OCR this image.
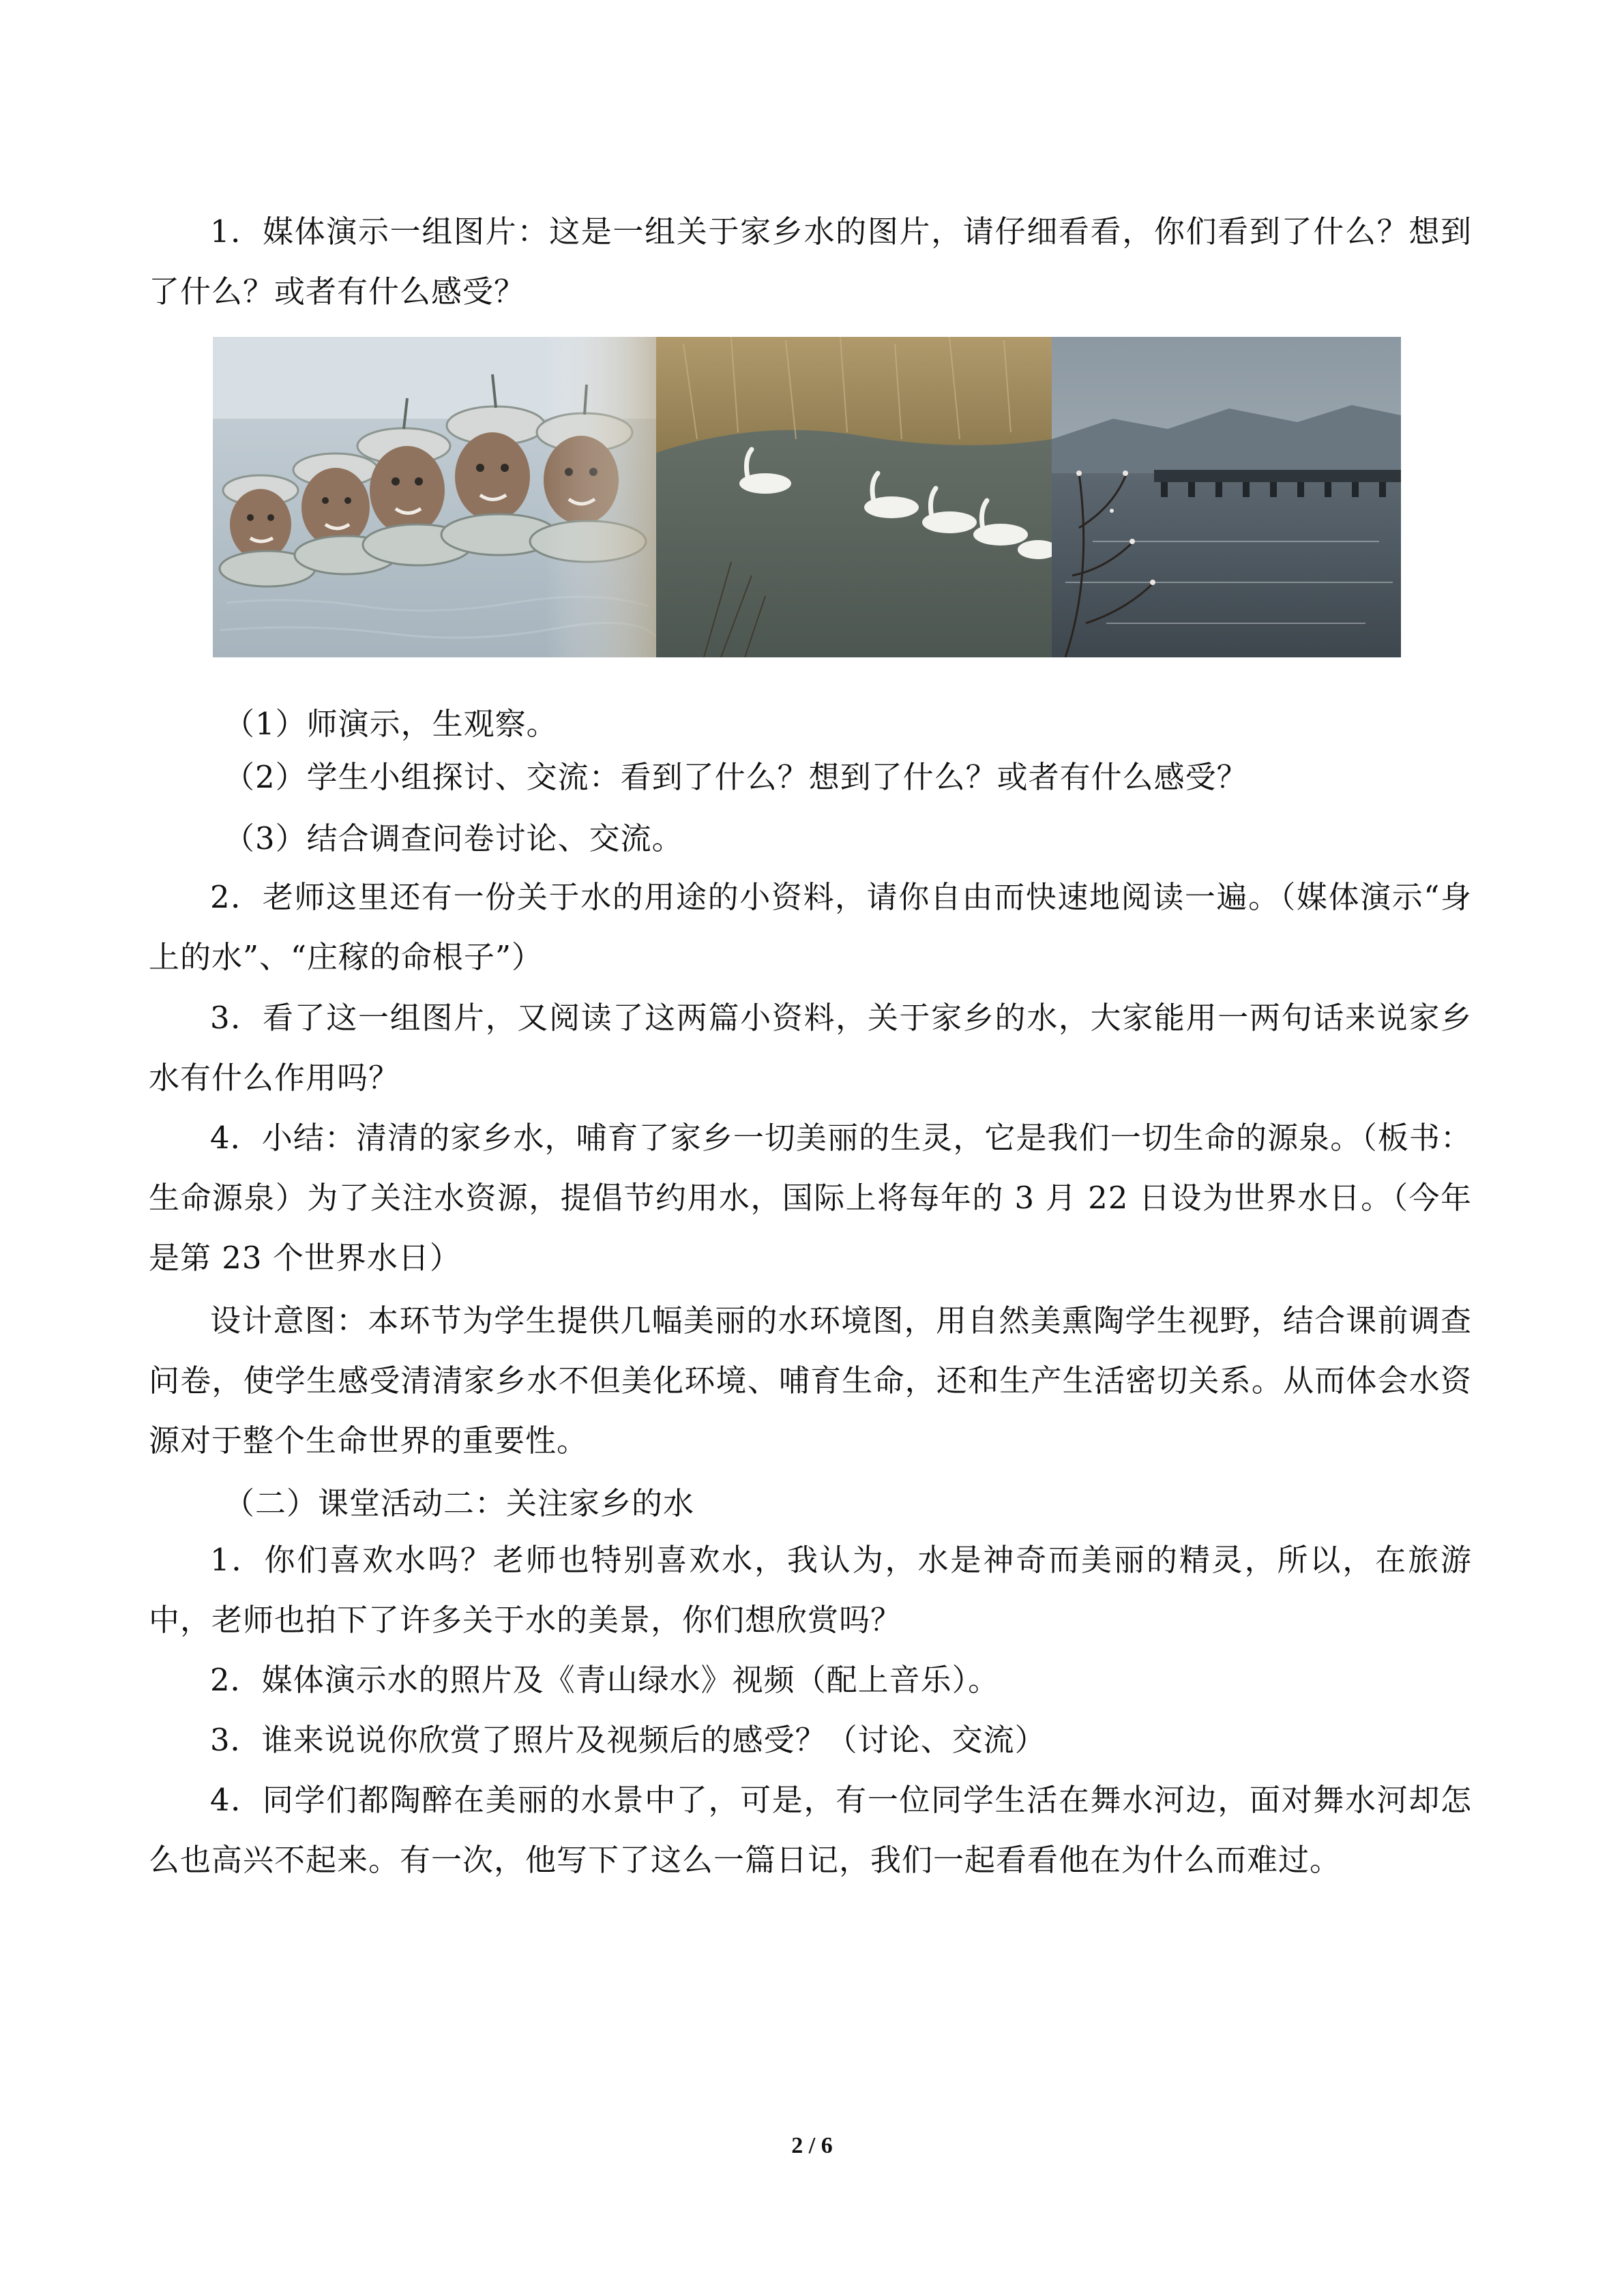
1．媒体演示一组图片：这是一组关于家乡水的图片，请仔细看看，你们看到了什么？想到了什么？或者有什么感受？

（1）师演示，生观察。

（2）学生小组探讨、交流：看到了什么？想到了什么？或者有什么感受？

（3）结合调查问卷讨论、交流。

2．老师这里还有一份关于水的用途的小资料，请你自由而快速地阅读一遍。（媒体演示“身上的水”、“庄稼的命根子”）

3．看了这一组图片，又阅读了这两篇小资料，关于家乡的水，大家能用一两句话来说家乡水有什么作用吗？

4．小结：清清的家乡水，哺育了家乡一切美丽的生灵，它是我们一切生命的源泉。（板书：生命源泉）为了关注水资源，提倡节约用水，国际上将每年的 3 月 22 日设为世界水日。（今年是第 23 个世界水日）

设计意图：本环节为学生提供几幅美丽的水环境图，用自然美熏陶学生视野，结合课前调查问卷，使学生感受清清家乡水不但美化环境、哺育生命，还和生产生活密切关系。从而体会水资源对于整个生命世界的重要性。

（二）课堂活动二：关注家乡的水

1．你们喜欢水吗？老师也特别喜欢水，我认为，水是神奇而美丽的精灵，所以，在旅游中，老师也拍下了许多关于水的美景，你们想欣赏吗？

2．媒体演示水的照片及《青山绿水》视频（配上音乐）。

3．谁来说说你欣赏了照片及视频后的感受？（讨论、交流）

4．同学们都陶醉在美丽的水景中了，可是，有一位同学生活在舞水河边，面对舞水河却怎么也高兴不起来。有一次，他写下了这么一篇日记，我们一起看看他在为什么而难过。

2 / 6
